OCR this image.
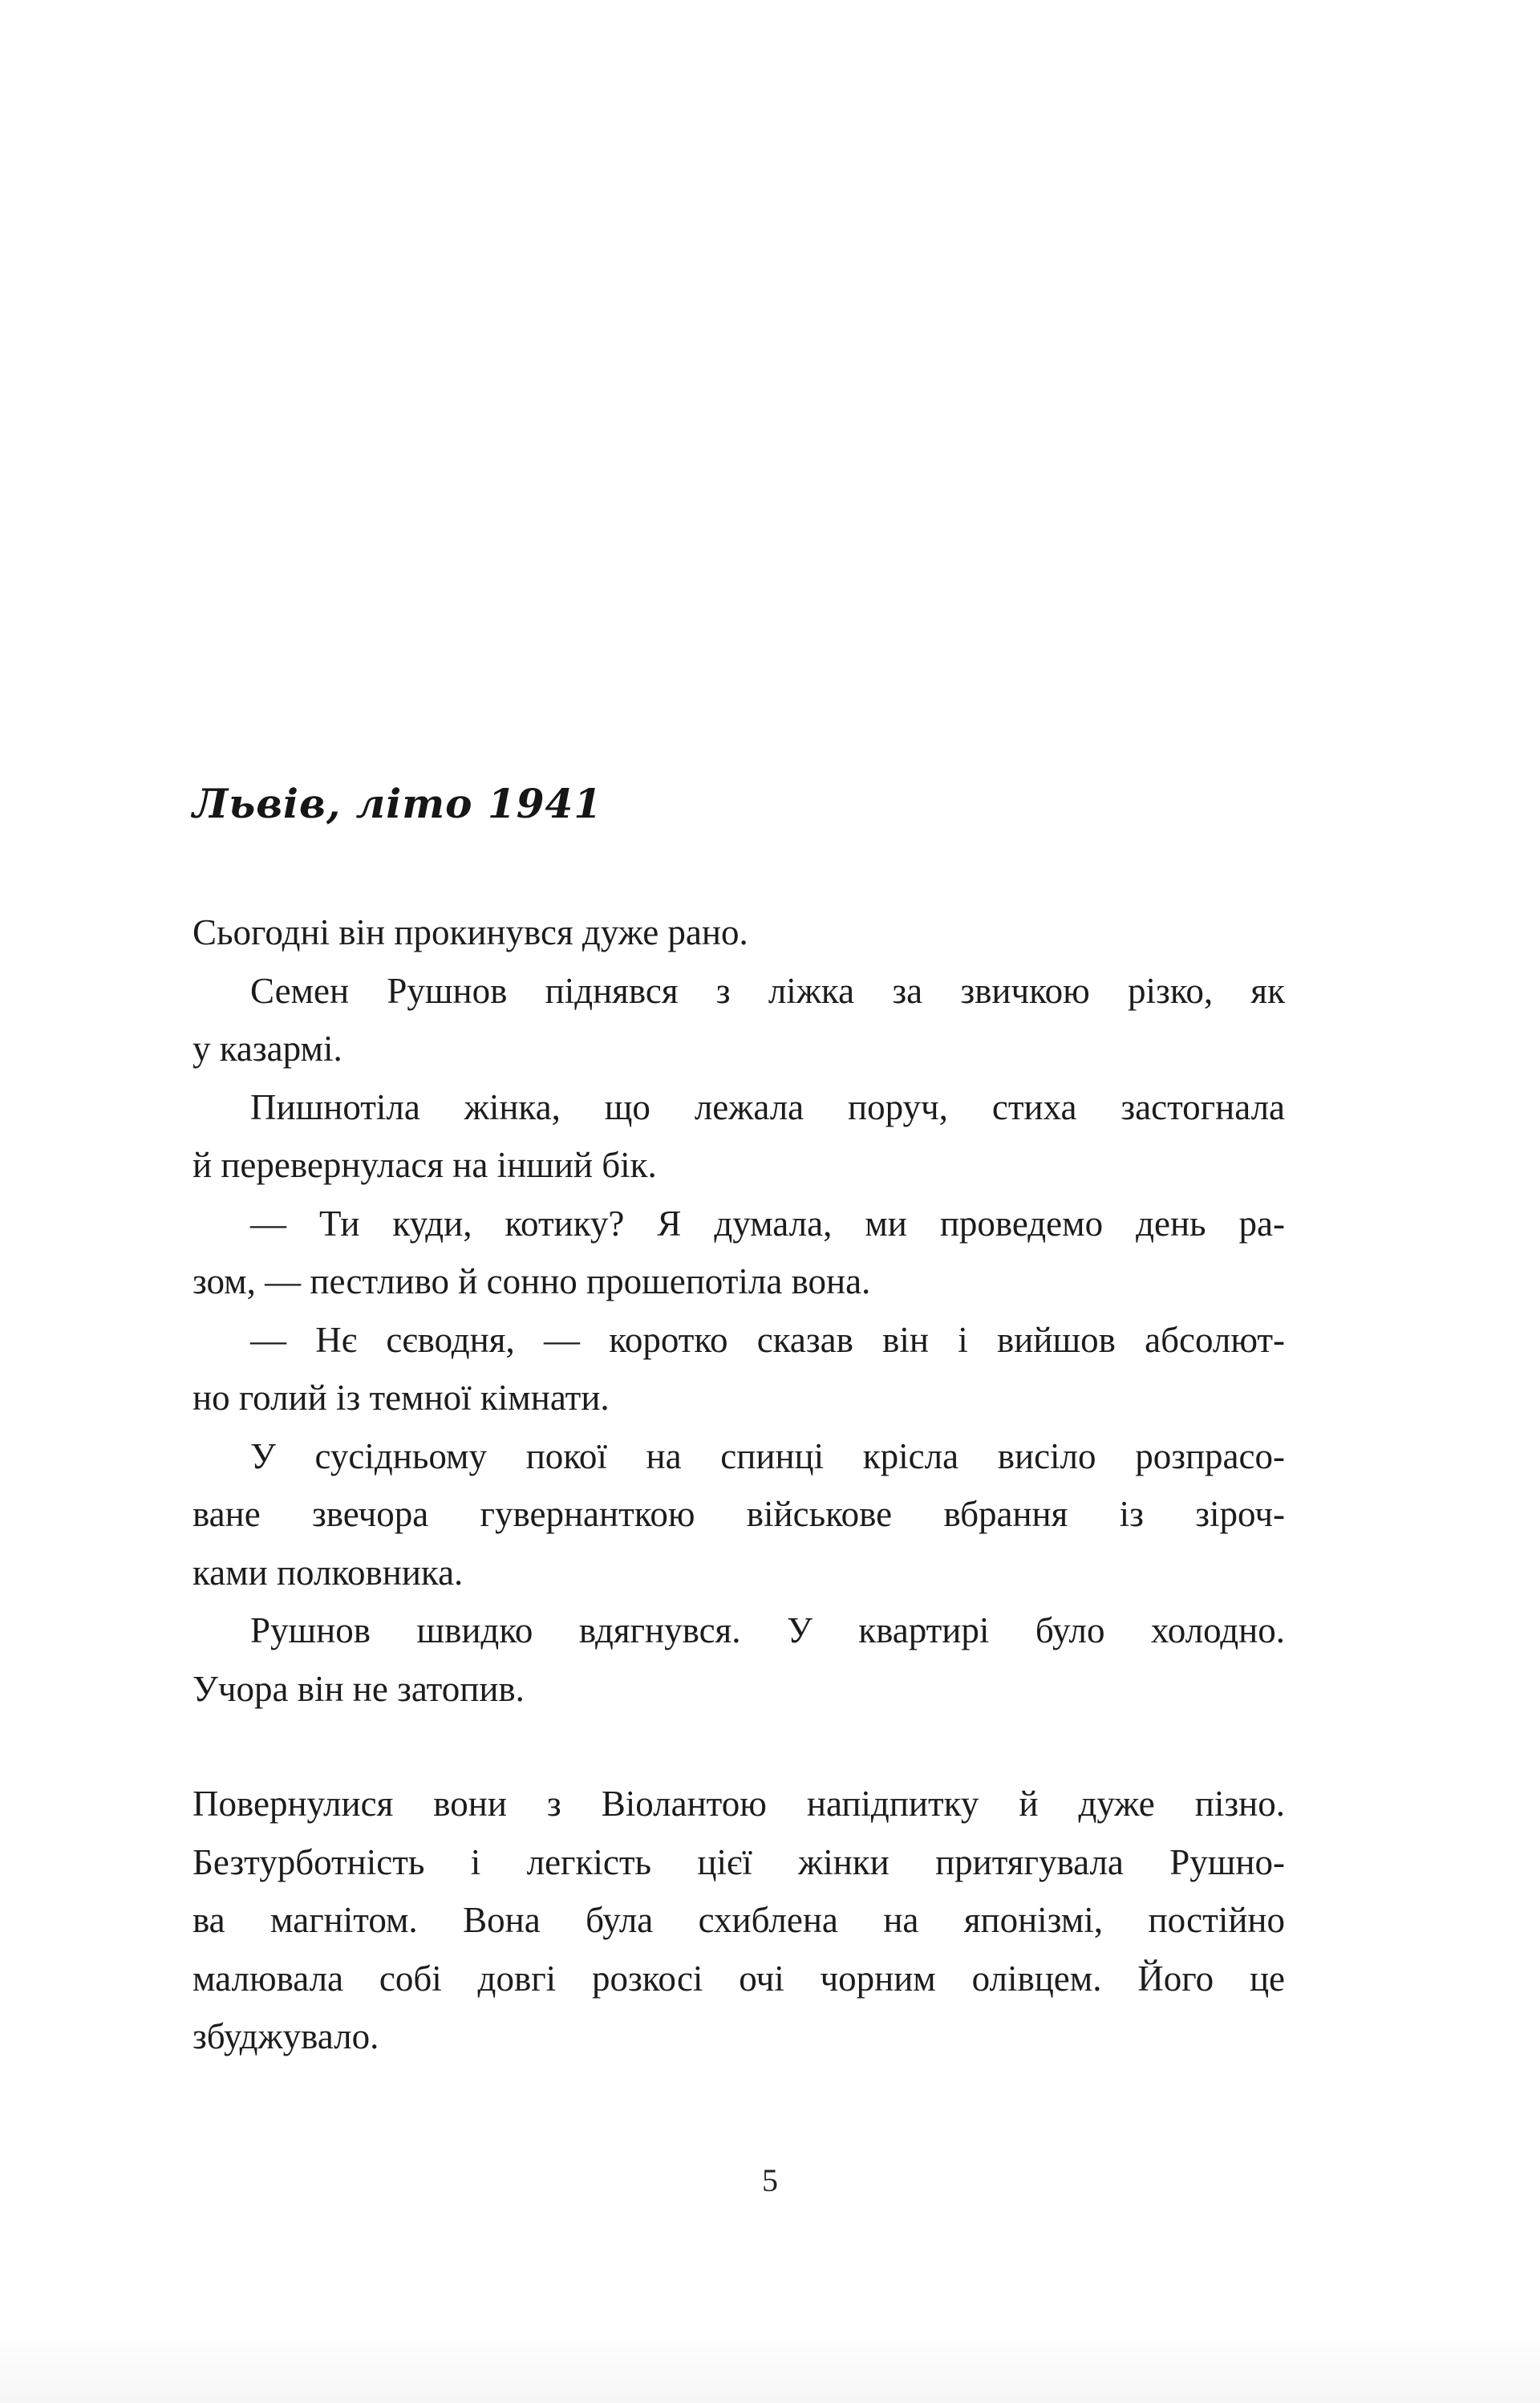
Львів, літо 1941
Сьогодні він прокинувся дуже рано.
Семен Рушнов піднявся з ліжка за звичкою різко, як
у казармі.
Пишнотіла жінка, що лежала поруч, стиха застогнала
й перевернулася на інший бік.
— Ти куди, котику? Я думала, ми проведемо день ра-
зом, — пестливо й сонно прошепотіла вона.
— Нє сєводня, — коротко сказав він і вийшов абсолют-
но голий із темної кімнати.
У сусідньому покої на спинці крісла висіло розпрасо-
ване звечора гувернанткою військове вбрання із зіроч-
ками полковника.
Рушнов швидко вдягнувся. У квартирі було холодно.
Учора він не затопив.
Повернулися вони з Віолантою напідпитку й дуже пізно.
Безтурботність і легкість цієї жінки притягувала Рушно-
ва магнітом. Вона була схиблена на японізмі, постійно
малювала собі довгі розкосі очі чорним олівцем. Його це
збуджувало.
5
